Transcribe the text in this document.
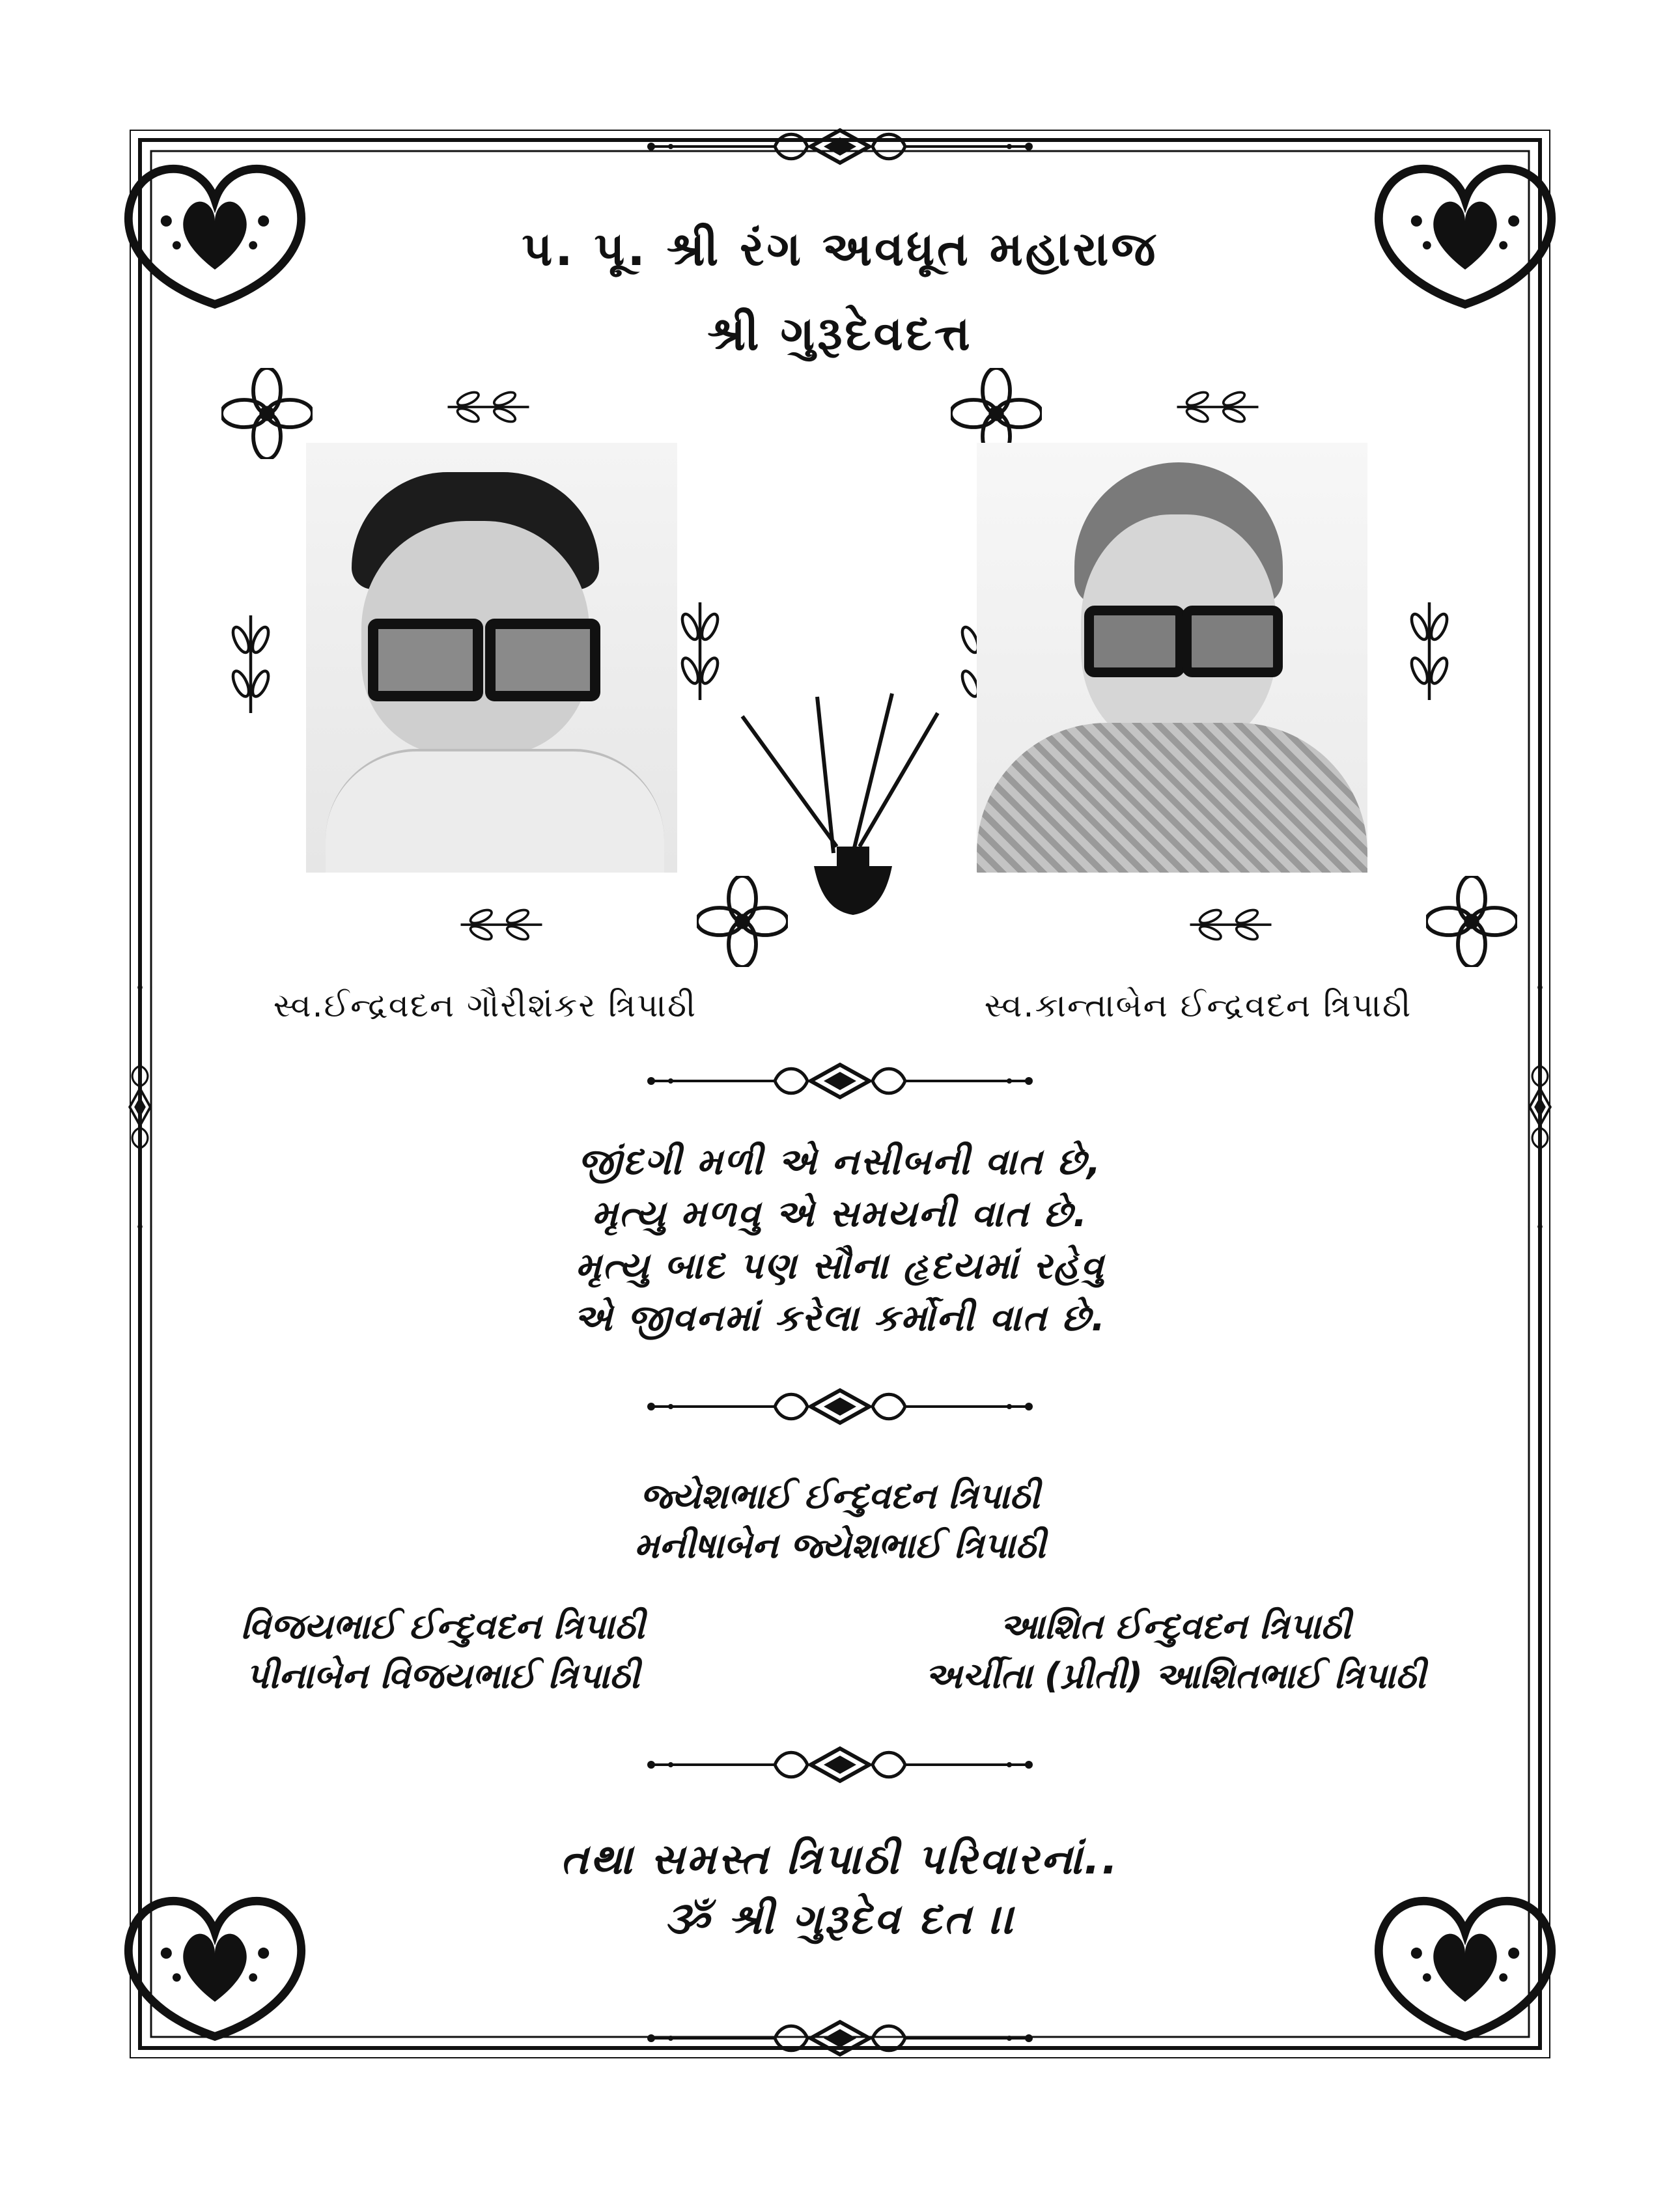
પ. પૂ. શ્રી રંગ અવધૂત મહારાજ
શ્રી ગુરૂદેવદત્ત
સ્વ.ઈન્દ્રવદન ગૌરીશંકર ત્રિપાઠી	સ્વ.કાન્તાબેન ઈન્દ્રવદન ત્રિપાઠી
જીંદગી મળી એ નસીબની વાત છે,
મૃત્યુ મળવુ એ સમયની વાત છે.
મૃત્યુ બાદ પણ સૌના હૃદયમાં રહેવુ
એ જીવનમાં કરેલા કર્મોની વાત છે.
જ્યેશભાઈ ઈન્દુવદન ત્રિપાઠી
મનીષાબેન જ્યેશભાઈ ત્રિપાઠી
વિજયભાઈ ઈન્દુવદન ત્રિપાઠી
પીનાબેન વિજયભાઈ ત્રિપાઠી
આશિત ઈન્દુવદન ત્રિપાઠી
અર્ચીતા (પ્રીતી) આશિતભાઈ ત્રિપાઠી
તથા સમસ્ત ત્રિપાઠી પરિવારનાં..
ૐ શ્રી ગુરૂદેવ દત ।।
